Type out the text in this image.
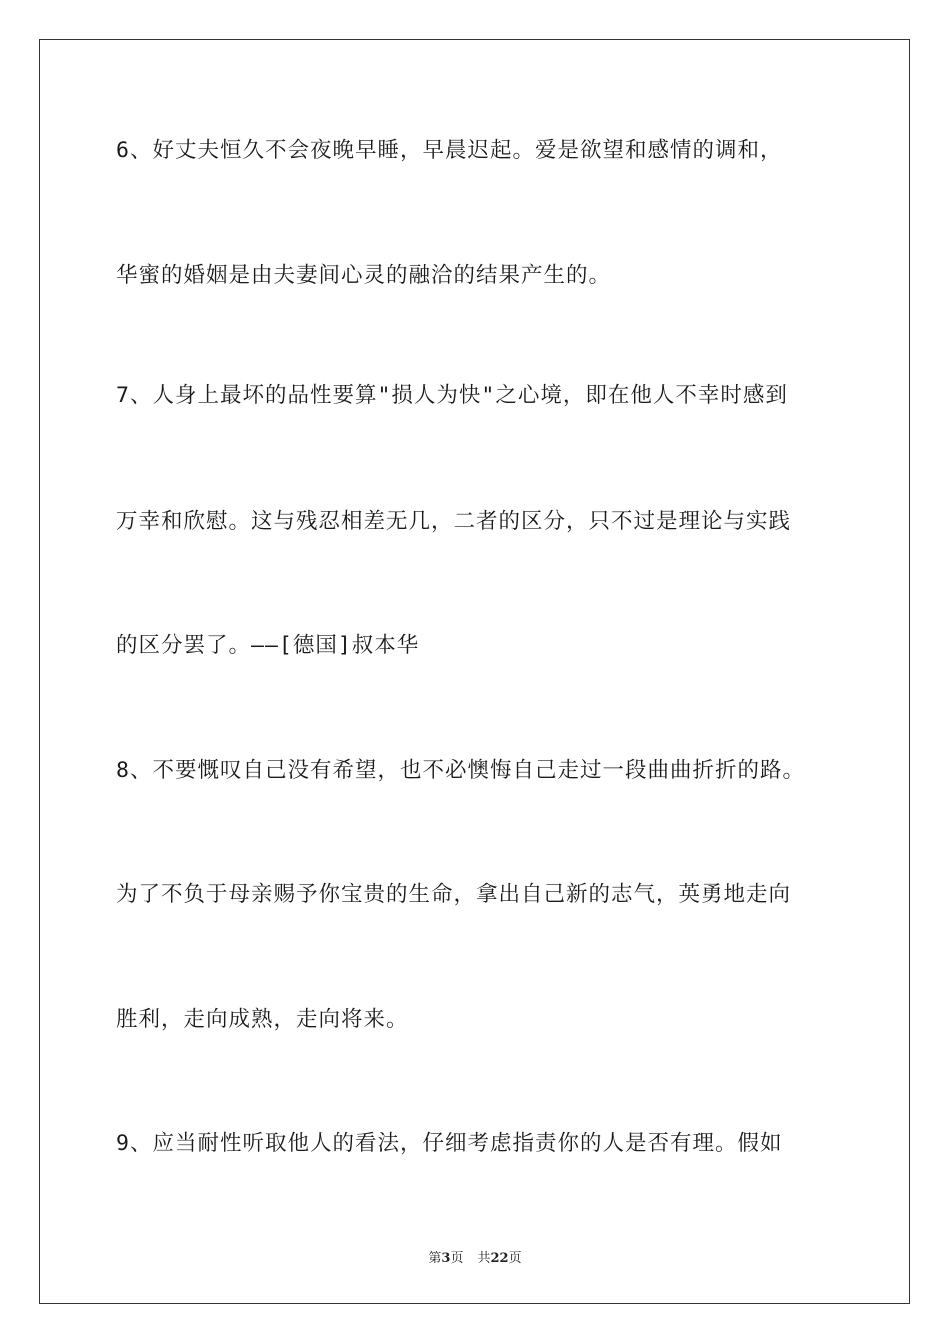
6、好丈夫恒久不会夜晚早睡，早晨迟起。爱是欲望和感情的调和，
华蜜的婚姻是由夫妻间心灵的融洽的结果产生的。
7、人身上最坏的品性要算"损人为快"之心境，即在他人不幸时感到
万幸和欣慰。这与残忍相差无几，二者的区分，只不过是理论与实践
的区分罢了。——[德国]叔本华
8、不要慨叹自己没有希望，也不必懊悔自己走过一段曲曲折折的路。
为了不负于母亲赐予你宝贵的生命，拿出自己新的志气，英勇地走向
胜利，走向成熟，走向将来。
9、应当耐性听取他人的看法，仔细考虑指责你的人是否有理。假如
第3页 共22页
